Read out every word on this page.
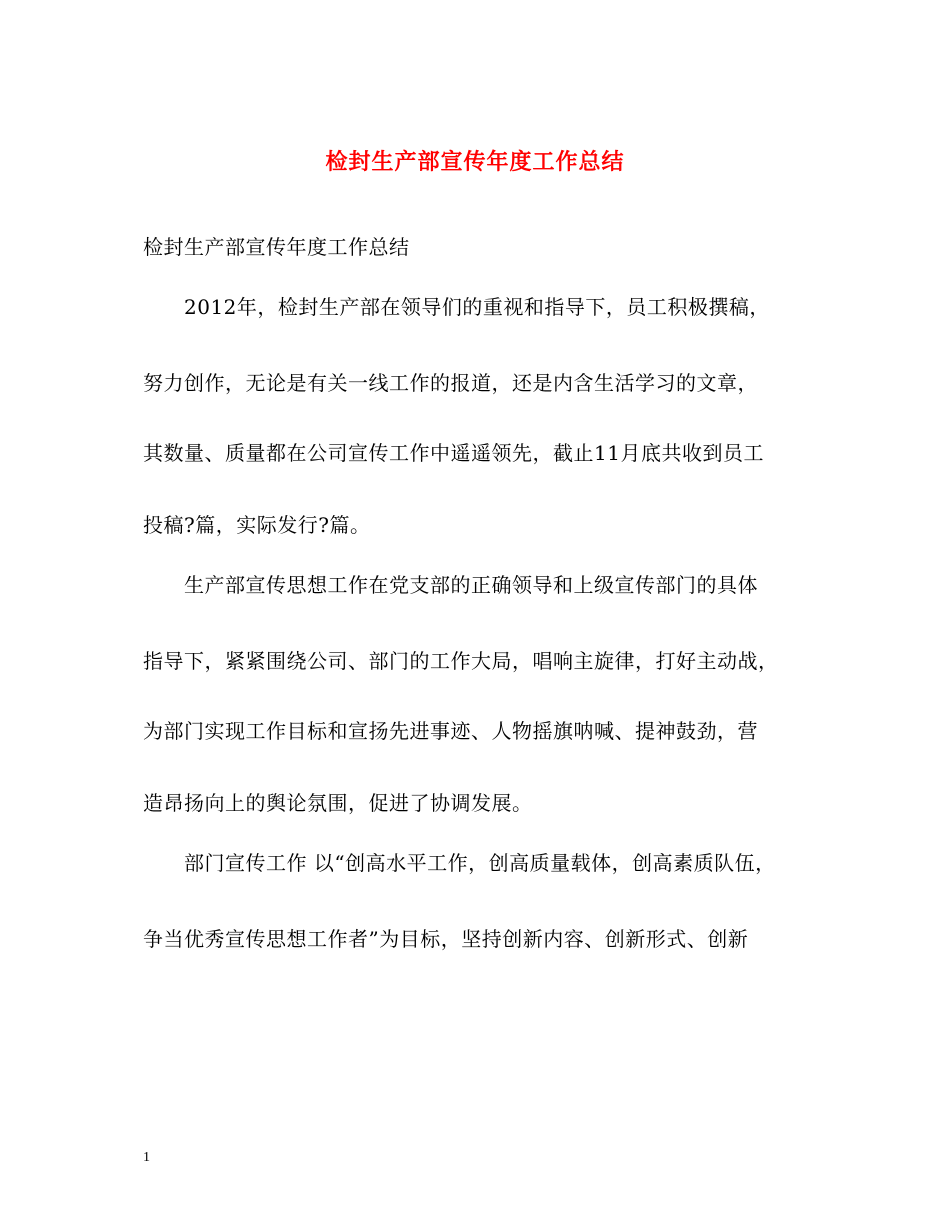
检封生产部宣传年度工作总结
检封生产部宣传年度工作总结
2012年，检封生产部在领导们的重视和指导下，员工积极撰稿，
努力创作，无论是有关一线工作的报道，还是内含生活学习的文章，
其数量、质量都在公司宣传工作中遥遥领先，截止11月底共收到员工
投稿?篇，实际发行?篇。
生产部宣传思想工作在党支部的正确领导和上级宣传部门的具体
指导下，紧紧围绕公司、部门的工作大局，唱响主旋律，打好主动战，
为部门实现工作目标和宣扬先进事迹、人物摇旗呐喊、提神鼓劲，营
造昂扬向上的舆论氛围，促进了协调发展。
部门宣传工作 以“创高水平工作，创高质量载体，创高素质队伍，
争当优秀宣传思想工作者”为目标，坚持创新内容、创新形式、创新
1
